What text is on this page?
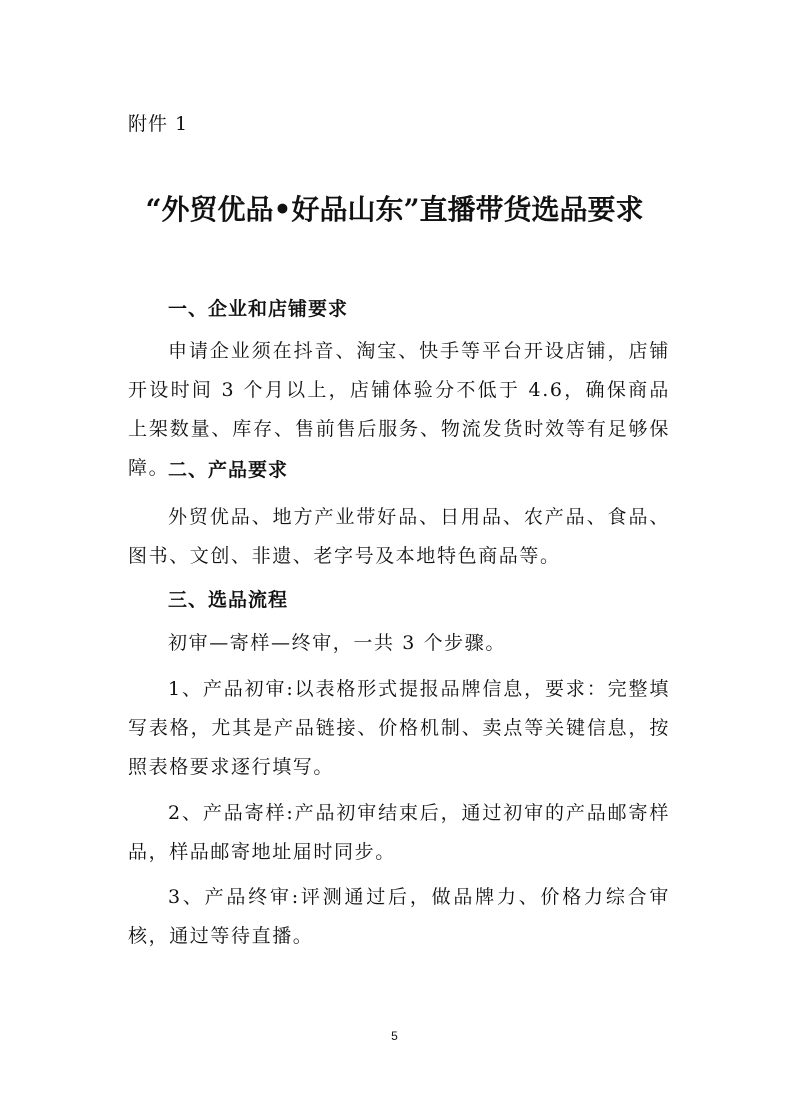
附件 1
“外贸优品•好品山东”直播带货选品要求
一、企业和店铺要求
申请企业须在抖音、淘宝、快手等平台开设店铺，店铺开设时间 3 个月以上，店铺体验分不低于 4.6，确保商品上架数量、库存、售前售后服务、物流发货时效等有足够保障。
二、产品要求
外贸优品、地方产业带好品、日用品、农产品、食品、图书、文创、非遗、老字号及本地特色商品等。
三、选品流程
初审—寄样—终审，一共 3 个步骤。
1、产品初审:以表格形式提报品牌信息，要求：完整填写表格，尤其是产品链接、价格机制、卖点等关键信息，按照表格要求逐行填写。
2、产品寄样:产品初审结束后，通过初审的产品邮寄样品，样品邮寄地址届时同步。
3、产品终审:评测通过后，做品牌力、价格力综合审核，通过等待直播。
5
